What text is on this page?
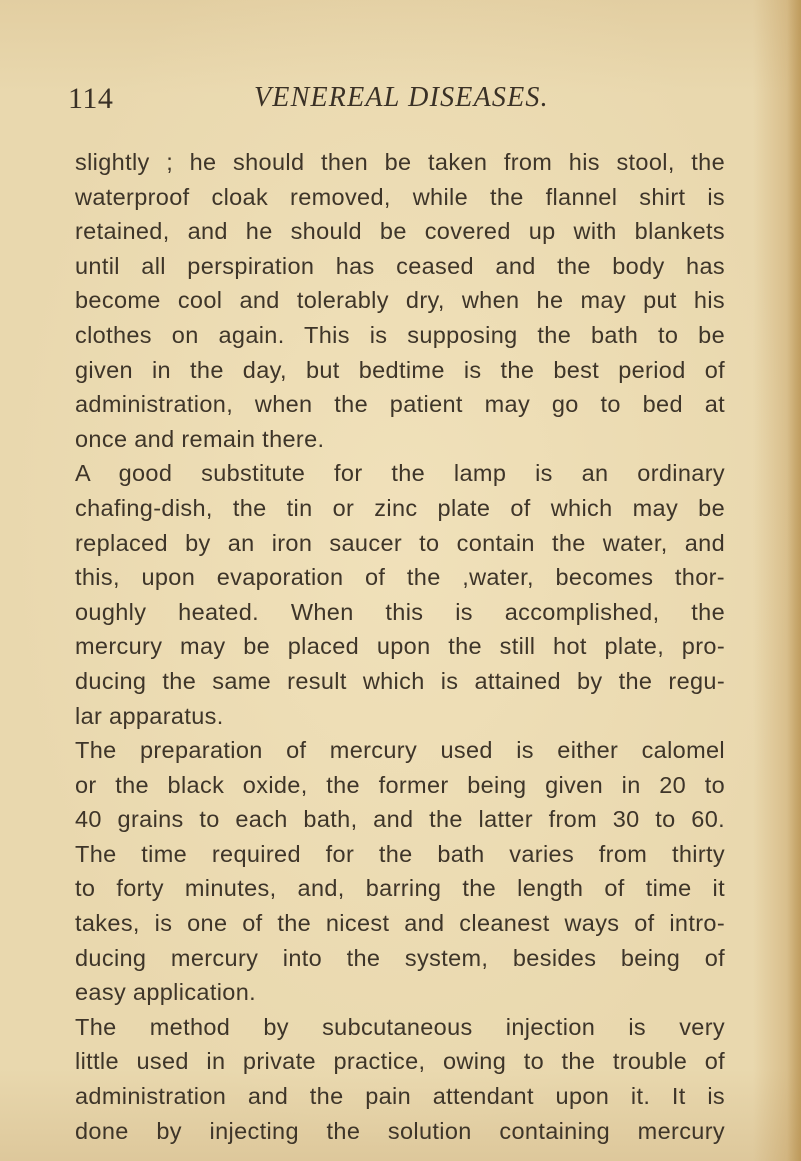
114	VENEREAL DISEASES.
slightly ; he should then be taken from his stool, the
waterproof cloak removed, while the flannel shirt is
retained, and he should be covered up with blankets
until all perspiration has ceased and the body has
become cool and tolerably dry, when he may put his
clothes on again. This is supposing the bath to be
given in the day, but bedtime is the best period of
administration, when the patient may go to bed at
once and remain there.
A good substitute for the lamp is an ordinary
chafing-dish, the tin or zinc plate of which may be
replaced by an iron saucer to contain the water, and
this, upon evaporation of the ,water, becomes thor-
oughly heated. When this is accomplished, the
mercury may be placed upon the still hot plate, pro-
ducing the same result which is attained by the regu-
lar apparatus.
The preparation of mercury used is either calomel
or the black oxide, the former being given in 20 to
40 grains to each bath, and the latter from 30 to 60.
The time required for the bath varies from thirty
to forty minutes, and, barring the length of time it
takes, is one of the nicest and cleanest ways of intro-
ducing mercury into the system, besides being of
easy application.
The method by subcutaneous injection is very
little used in private practice, owing to the trouble of
administration and the pain attendant upon it. It is
done by injecting the solution containing mercury
